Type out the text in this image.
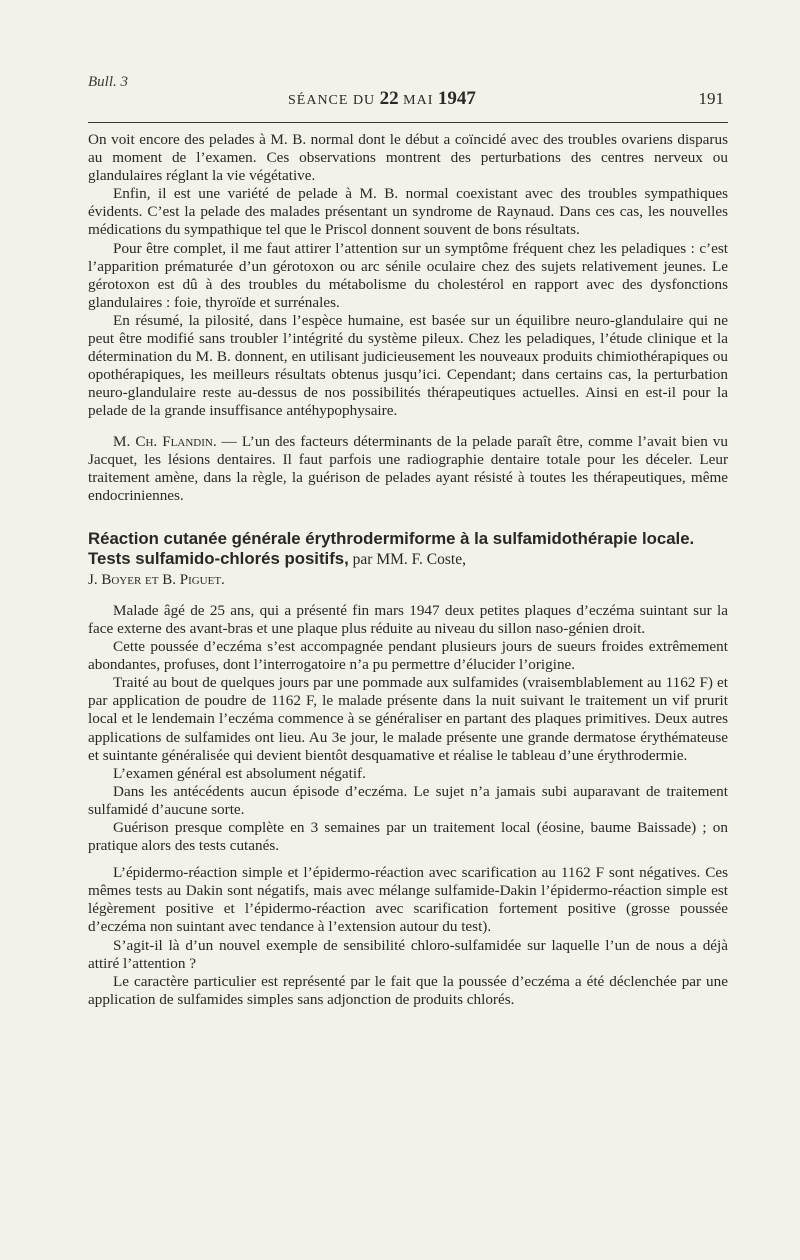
Bull. 3
SÉANCE DU 22 MAI 1947	191

On voit encore des pelades à M. B. normal dont le début a coïncidé avec des troubles ovariens disparus au moment de l’examen. Ces observations montrent des perturbations des centres nerveux ou glandulaires réglant la vie végétative.

Enfin, il est une variété de pelade à M. B. normal coexistant avec des troubles sympathiques évidents. C’est la pelade des malades présentant un syndrome de Raynaud. Dans ces cas, les nouvelles médications du sympathique tel que le Priscol donnent souvent de bons résultats.

Pour être complet, il me faut attirer l’attention sur un symptôme fréquent chez les peladiques : c’est l’apparition prématurée d’un gérotoxon ou arc sénile oculaire chez des sujets relativement jeunes. Le gérotoxon est dû à des troubles du métabolisme du cholestérol en rapport avec des dysfonctions glandulaires : foie, thyroïde et surrénales.

En résumé, la pilosité, dans l’espèce humaine, est basée sur un équilibre neuro-glandulaire qui ne peut être modifié sans troubler l’intégrité du système pileux. Chez les peladiques, l’étude clinique et la détermination du M. B. donnent, en utilisant judicieusement les nouveaux produits chimiothérapiques ou opothérapiques, les meilleurs résultats obtenus jusqu’ici. Cependant; dans certains cas, la perturbation neuro-glandulaire reste au-dessus de nos possibilités thérapeutiques actuelles. Ainsi en est-il pour la pelade de la grande insuffisance antéhypophysaire.

M. Ch. Flandin. — L’un des facteurs déterminants de la pelade paraît être, comme l’avait bien vu Jacquet, les lésions dentaires. Il faut parfois une radiographie dentaire totale pour les déceler. Leur traitement amène, dans la règle, la guérison de pelades ayant résisté à toutes les thérapeutiques, même endocriniennes.

Réaction cutanée générale érythrodermiforme à la sulfamidothérapie locale. Tests sulfamido-chlorés positifs, par MM. F. Coste,
J. Boyer et B. Piguet.

Malade âgé de 25 ans, qui a présenté fin mars 1947 deux petites plaques d’eczéma suintant sur la face externe des avant-bras et une plaque plus réduite au niveau du sillon naso-génien droit.

Cette poussée d’eczéma s’est accompagnée pendant plusieurs jours de sueurs froides extrêmement abondantes, profuses, dont l’interrogatoire n’a pu permettre d’élucider l’origine.

Traité au bout de quelques jours par une pommade aux sulfamides (vraisemblablement au 1162 F) et par application de poudre de 1162 F, le malade présente dans la nuit suivant le traitement un vif prurit local et le lendemain l’eczéma commence à se généraliser en partant des plaques primitives. Deux autres applications de sulfamides ont lieu. Au 3e jour, le malade présente une grande dermatose érythémateuse et suintante généralisée qui devient bientôt desquamative et réalise le tableau d’une érythrodermie.

L’examen général est absolument négatif.

Dans les antécédents aucun épisode d’eczéma. Le sujet n’a jamais subi auparavant de traitement sulfamidé d’aucune sorte.

Guérison presque complète en 3 semaines par un traitement local (éosine, baume Baissade) ; on pratique alors des tests cutanés.

L’épidermo-réaction simple et l’épidermo-réaction avec scarification au 1162 F sont négatives. Ces mêmes tests au Dakin sont négatifs, mais avec mélange sulfamide-Dakin l’épidermo-réaction simple est légèrement positive et l’épidermo-réaction avec scarification fortement positive (grosse poussée d’eczéma non suintant avec tendance à l’extension autour du test).

S’agit-il là d’un nouvel exemple de sensibilité chloro-sulfamidée sur laquelle l’un de nous a déjà attiré l’attention ?

Le caractère particulier est représenté par le fait que la poussée d’eczéma a été déclenchée par une application de sulfamides simples sans adjonction de produits chlorés.
